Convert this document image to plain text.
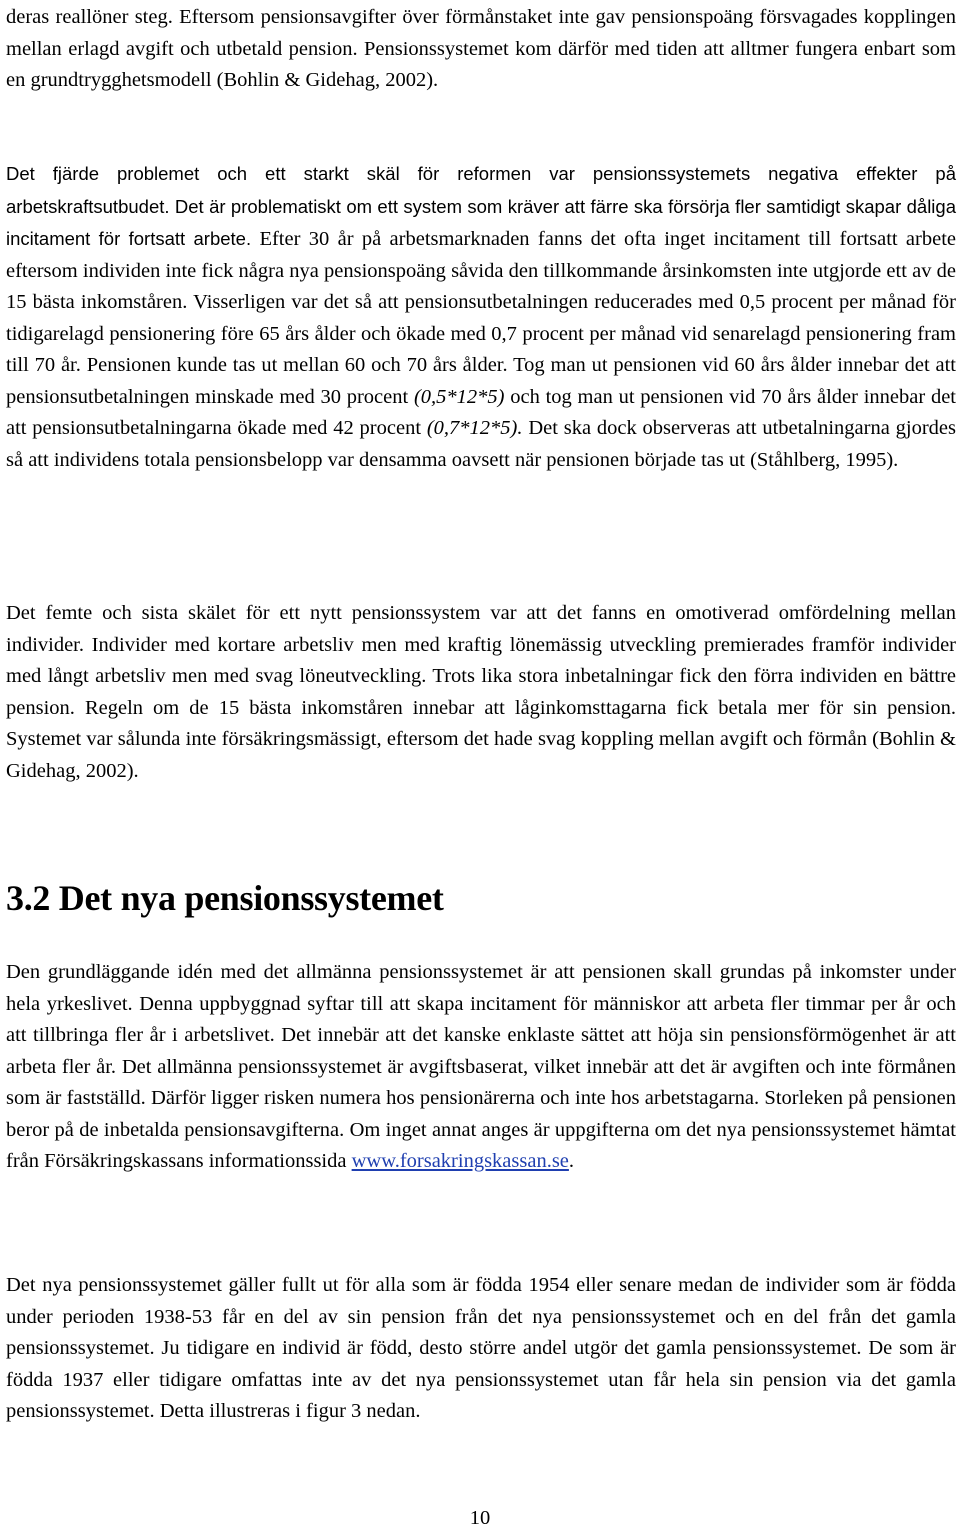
deras reallöner steg. Eftersom pensionsavgifter över förmånstaket inte gav pensionspoäng försvagades kopplingen mellan erlagd avgift och utbetald pension. Pensionssystemet kom därför med tiden att alltmer fungera enbart som en grundtrygghetsmodell (Bohlin & Gidehag, 2002).

Det fjärde problemet och ett starkt skäl för reformen var pensionssystemets negativa effekter på arbetskraftsutbudet. Det är problematiskt om ett system som kräver att färre ska försörja fler samtidigt skapar dåliga incitament för fortsatt arbete. Efter 30 år på arbetsmarknaden fanns det ofta inget incitament till fortsatt arbete eftersom individen inte fick några nya pensionspoäng såvida den tillkommande årsinkomsten inte utgjorde ett av de 15 bästa inkomståren. Visserligen var det så att pensionsutbetalningen reducerades med 0,5 procent per månad för tidigarelagd pensionering före 65 års ålder och ökade med 0,7 procent per månad vid senarelagd pensionering fram till 70 år. Pensionen kunde tas ut mellan 60 och 70 års ålder. Tog man ut pensionen vid 60 års ålder innebar det att pensionsutbetalningen minskade med 30 procent (0,5*12*5) och tog man ut pensionen vid 70 års ålder innebar det att pensionsutbetalningarna ökade med 42 procent (0,7*12*5). Det ska dock observeras att utbetalningarna gjordes så att individens totala pensionsbelopp var densamma oavsett när pensionen började tas ut (Ståhlberg, 1995).

Det femte och sista skälet för ett nytt pensionssystem var att det fanns en omotiverad omfördelning mellan individer. Individer med kortare arbetsliv men med kraftig lönemässig utveckling premierades framför individer med långt arbetsliv men med svag löneutveckling. Trots lika stora inbetalningar fick den förra individen en bättre pension. Regeln om de 15 bästa inkomståren innebar att låginkomsttagarna fick betala mer för sin pension. Systemet var sålunda inte försäkringsmässigt, eftersom det hade svag koppling mellan avgift och förmån (Bohlin & Gidehag, 2002).

3.2 Det nya pensionssystemet

Den grundläggande idén med det allmänna pensionssystemet är att pensionen skall grundas på inkomster under hela yrkeslivet. Denna uppbyggnad syftar till att skapa incitament för människor att arbeta fler timmar per år och att tillbringa fler år i arbetslivet. Det innebär att det kanske enklaste sättet att höja sin pensionsförmögenhet är att arbeta fler år. Det allmänna pensionssystemet är avgiftsbaserat, vilket innebär att det är avgiften och inte förmånen som är fastställd. Därför ligger risken numera hos pensionärerna och inte hos arbetstagarna. Storleken på pensionen beror på de inbetalda pensionsavgifterna. Om inget annat anges är uppgifterna om det nya pensionssystemet hämtat från Försäkringskassans informationssida www.forsakringskassan.se.

Det nya pensionssystemet gäller fullt ut för alla som är födda 1954 eller senare medan de individer som är födda under perioden 1938-53 får en del av sin pension från det nya pensionssystemet och en del från det gamla pensionssystemet. Ju tidigare en individ är född, desto större andel utgör det gamla pensionssystemet. De som är födda 1937 eller tidigare omfattas inte av det nya pensionssystemet utan får hela sin pension via det gamla pensionssystemet. Detta illustreras i figur 3 nedan.

10
